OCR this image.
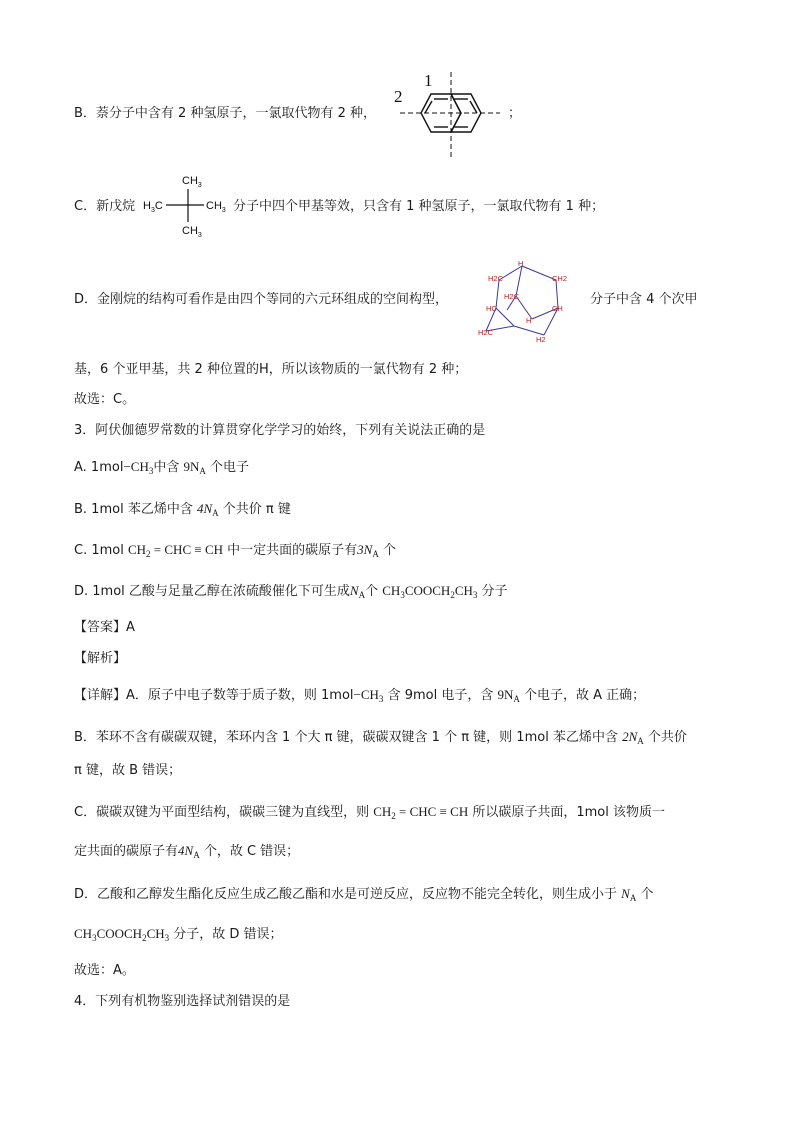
B．萘分子中含有 2 种氢原子，一氯取代物有 2 种，
1
2
；
C．新戊烷
$CH_3$
$H_3C$	$CH_3$
$CH_3$
分子中四个甲基等效，只含有 1 种氢原子，一氯取代物有 1 种；
D．金刚烷的结构可看作是由四个等同的六元环组成的空间构型，
H
CH2
H2C
H2C
CH
HC
H
H2C
H2
分子中含 4 个次甲
基，6 个亚甲基，共 2 种位置的H，所以该物质的一氯代物有 2 种；
故选：C。
3．阿伏伽德罗常数的计算贯穿化学学习的始终，下列有关说法正确的是
A. $1mol-CH_3$中含 $9N_A$ 个电子
B. 1mol 苯乙烯中含 $4N_A$ 个共价 π 键
C. 1mol $CH_2$ = CHC ≡ CH 中一定共面的碳原子有$3N_A$ 个
D. 1mol 乙酸与足量乙醇在浓硫酸催化下可生成$N_A$个 $CH_3COOCH_2CH_3$ 分子
【答案】A
【解析】
【详解】A．原子中电子数等于质子数，则 $1mol-CH_3$ 含 9mol 电子，含 $9N_A$ 个电子，故 A 正确；
B．苯环不含有碳碳双键，苯环内含 1 个大 π 键，碳碳双键含 1 个 π 键，则 1mol 苯乙烯中含 $2N_A$ 个共价
π 键，故 B 错误；
C．碳碳双键为平面型结构，碳碳三键为直线型，则 $CH_2$ = CHC ≡ CH 所以碳原子共面，1mol 该物质一
定共面的碳原子有$4N_A$ 个，故 C 错误；
D．乙酸和乙醇发生酯化反应生成乙酸乙酯和水是可逆反应，反应物不能完全转化，则生成小于 $N_A$ 个
$CH_3COOCH_2CH_3$ 分子，故 D 错误；
故选：A。
4．下列有机物鉴别选择试剂错误的是
